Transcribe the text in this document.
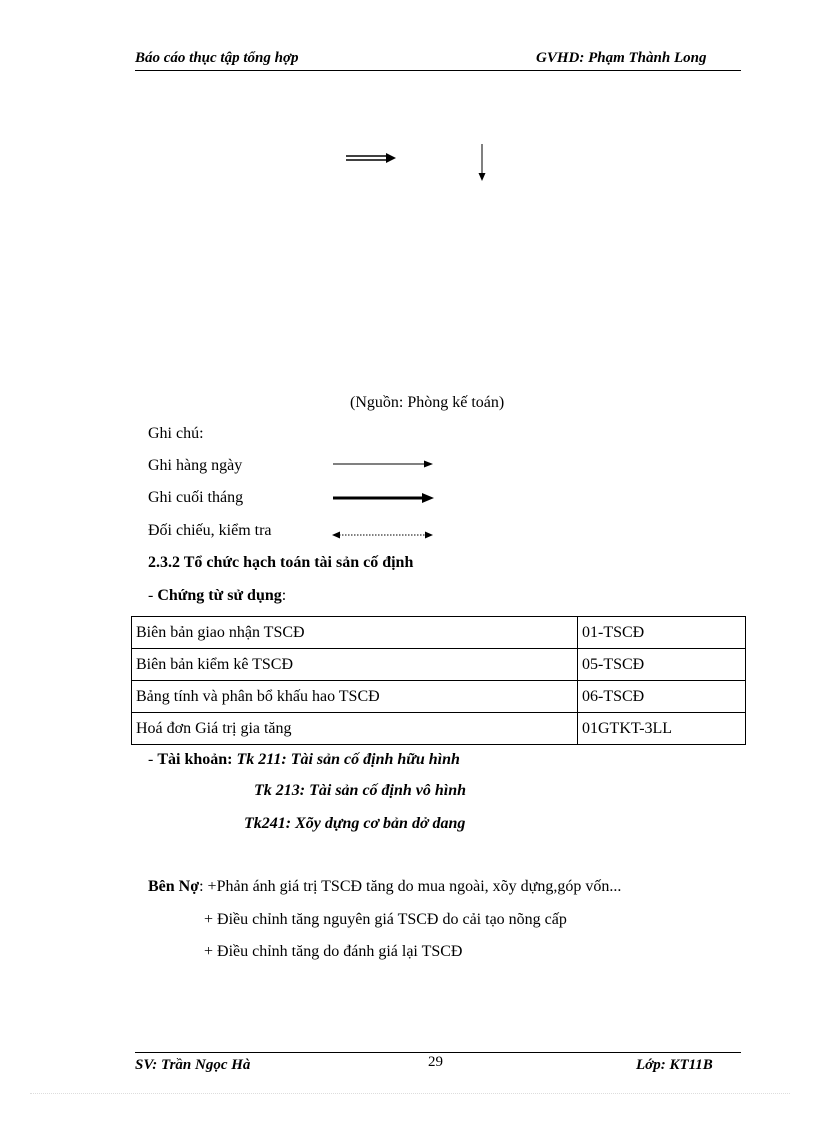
Báo cáo thục tập tổng hợp	GVHD: Phạm Thành Long
(Nguồn: Phòng kế toán)
Ghi chú:
Ghi hàng ngày
Ghi cuối tháng
Đối chiếu, kiểm tra
2.3.2 Tổ chức hạch toán tài sản cố định
- Chứng từ sử dụng:
Biên bản giao nhận TSCĐ	01-TSCĐ
Biên bản kiểm kê TSCĐ	05-TSCĐ
Bảng tính và phân bổ khấu hao TSCĐ	06-TSCĐ
Hoá đơn Giá trị gia tăng	01GTKT-3LL
- Tài khoản: Tk 211: Tài sản cố định hữu hình
Tk 213: Tài sản cố định vô hình
Tk241: Xõy dựng cơ bản dở dang
Bên Nợ: +Phản ánh giá trị TSCĐ tăng do mua ngoài, xõy dựng,góp vốn...
+ Điều chỉnh tăng nguyên giá TSCĐ do cải tạo nõng cấp
+ Điều chỉnh tăng do đánh giá lại TSCĐ
SV: Trần Ngọc Hà	29	Lớp: KT11B
